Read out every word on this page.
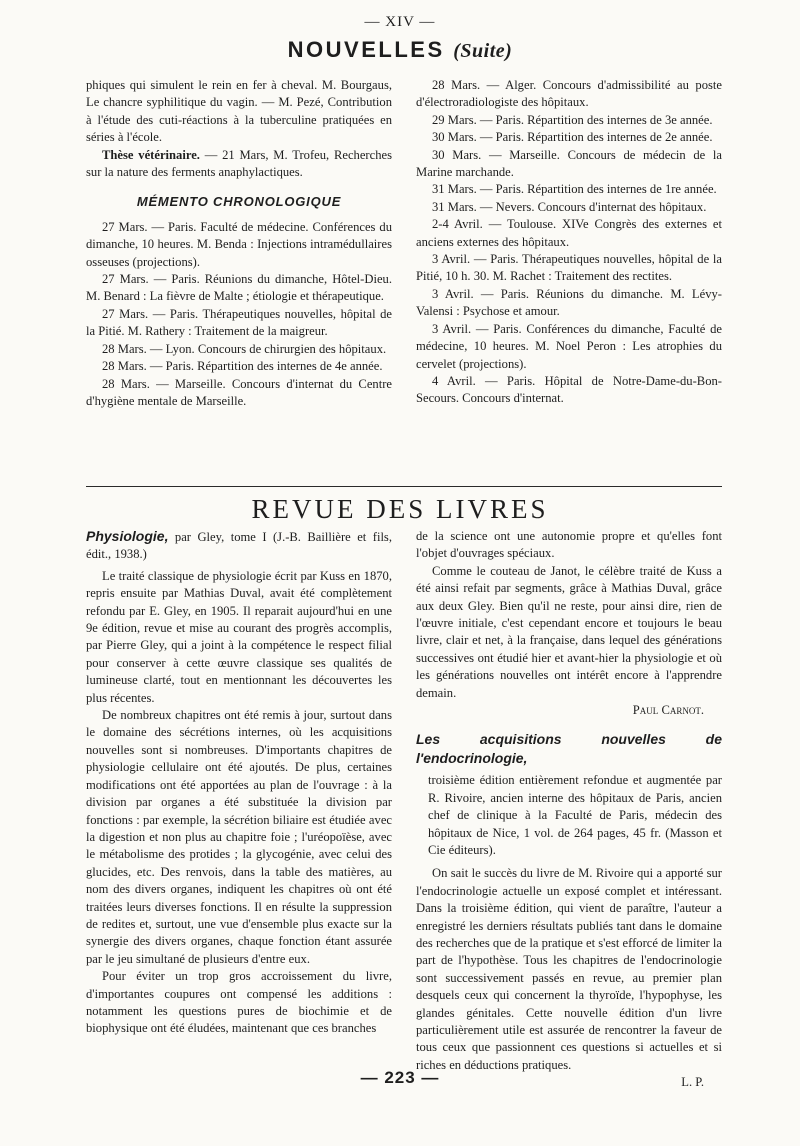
— XIV —
NOUVELLES (Suite)

phiques qui simulent le rein en fer à cheval. M. Bourgaus, Le chancre syphilitique du vagin. — M. Pezé, Contribution à l'étude des cuti-réactions à la tuberculine pratiquées en séries à l'école.

Thèse vétérinaire. — 21 Mars, M. Trofeu, Recherches sur la nature des ferments anaphylactiques.

MÉMENTO CHRONOLOGIQUE

27 Mars. — Paris. Faculté de médecine. Conférences du dimanche, 10 heures. M. Benda : Injections intramédullaires osseuses (projections).

27 Mars. — Paris. Réunions du dimanche, Hôtel-Dieu. M. Benard : La fièvre de Malte ; étiologie et thérapeutique.

27 Mars. — Paris. Thérapeutiques nouvelles, hôpital de la Pitié. M. Rathery : Traitement de la maigreur.

28 Mars. — Lyon. Concours de chirurgien des hôpitaux.

28 Mars. — Paris. Répartition des internes de 4e année.

28 Mars. — Marseille. Concours d'internat du Centre d'hygiène mentale de Marseille.

28 Mars. — Alger. Concours d'admissibilité au poste d'électroradiologiste des hôpitaux.

29 Mars. — Paris. Répartition des internes de 3e année.

30 Mars. — Paris. Répartition des internes de 2e année.

30 Mars. — Marseille. Concours de médecin de la Marine marchande.

31 Mars. — Paris. Répartition des internes de 1re année.

31 Mars. — Nevers. Concours d'internat des hôpitaux.

2-4 Avril. — Toulouse. XIVe Congrès des externes et anciens externes des hôpitaux.

3 Avril. — Paris. Thérapeutiques nouvelles, hôpital de la Pitié, 10 h. 30. M. Rachet : Traitement des rectites.

3 Avril. — Paris. Réunions du dimanche. M. Lévy-Valensi : Psychose et amour.

3 Avril. — Paris. Conférences du dimanche, Faculté de médecine, 10 heures. M. Noel Peron : Les atrophies du cervelet (projections).

4 Avril. — Paris. Hôpital de Notre-Dame-du-Bon-Secours. Concours d'internat.

REVUE DES LIVRES

Physiologie, par Gley, tome I (J.-B. Baillière et fils, édit., 1938.)

Le traité classique de physiologie écrit par Kuss en 1870, repris ensuite par Mathias Duval, avait été complètement refondu par E. Gley, en 1905. Il reparait aujourd'hui en une 9e édition, revue et mise au courant des progrès accomplis, par Pierre Gley, qui a joint à la compétence le respect filial pour conserver à cette œuvre classique ses qualités de lumineuse clarté, tout en mentionnant les découvertes les plus récentes.

De nombreux chapitres ont été remis à jour, surtout dans le domaine des sécrétions internes, où les acquisitions nouvelles sont si nombreuses. D'importants chapitres de physiologie cellulaire ont été ajoutés. De plus, certaines modifications ont été apportées au plan de l'ouvrage : à la division par organes a été substituée la division par fonctions : par exemple, la sécrétion biliaire est étudiée avec la digestion et non plus au chapitre foie ; l'uréopoïèse, avec le métabolisme des protides ; la glycogénie, avec celui des glucides, etc. Des renvois, dans la table des matières, au nom des divers organes, indiquent les chapitres où ont été traitées leurs diverses fonctions. Il en résulte la suppression de redites et, surtout, une vue d'ensemble plus exacte sur la synergie des divers organes, chaque fonction étant assurée par le jeu simultané de plusieurs d'entre eux.

Pour éviter un trop gros accroissement du livre, d'importantes coupures ont compensé les additions : notamment les questions pures de biochimie et de biophysique ont été éludées, maintenant que ces branches

de la science ont une autonomie propre et qu'elles font l'objet d'ouvrages spéciaux.

Comme le couteau de Janot, le célèbre traité de Kuss a été ainsi refait par segments, grâce à Mathias Duval, grâce aux deux Gley. Bien qu'il ne reste, pour ainsi dire, rien de l'œuvre initiale, c'est cependant encore et toujours le beau livre, clair et net, à la française, dans lequel des générations successives ont étudié hier et avant-hier la physiologie et où les générations nouvelles ont intérêt encore à l'apprendre demain.

Paul Carnot.

Les acquisitions nouvelles de l'endocrinologie,

troisième édition entièrement refondue et augmentée par R. Rivoire, ancien interne des hôpitaux de Paris, ancien chef de clinique à la Faculté de Paris, médecin des hôpitaux de Nice, 1 vol. de 264 pages, 45 fr. (Masson et Cie éditeurs).

On sait le succès du livre de M. Rivoire qui a apporté sur l'endocrinologie actuelle un exposé complet et intéressant. Dans la troisième édition, qui vient de paraître, l'auteur a enregistré les derniers résultats publiés tant dans le domaine des recherches que de la pratique et s'est efforcé de limiter la part de l'hypothèse. Tous les chapitres de l'endocrinologie sont successivement passés en revue, au premier plan desquels ceux qui concernent la thyroïde, l'hypophyse, les glandes génitales. Cette nouvelle édition d'un livre particulièrement utile est assurée de rencontrer la faveur de tous ceux que passionnent ces questions si actuelles et si riches en déductions pratiques.

L. P.

— 223 —
